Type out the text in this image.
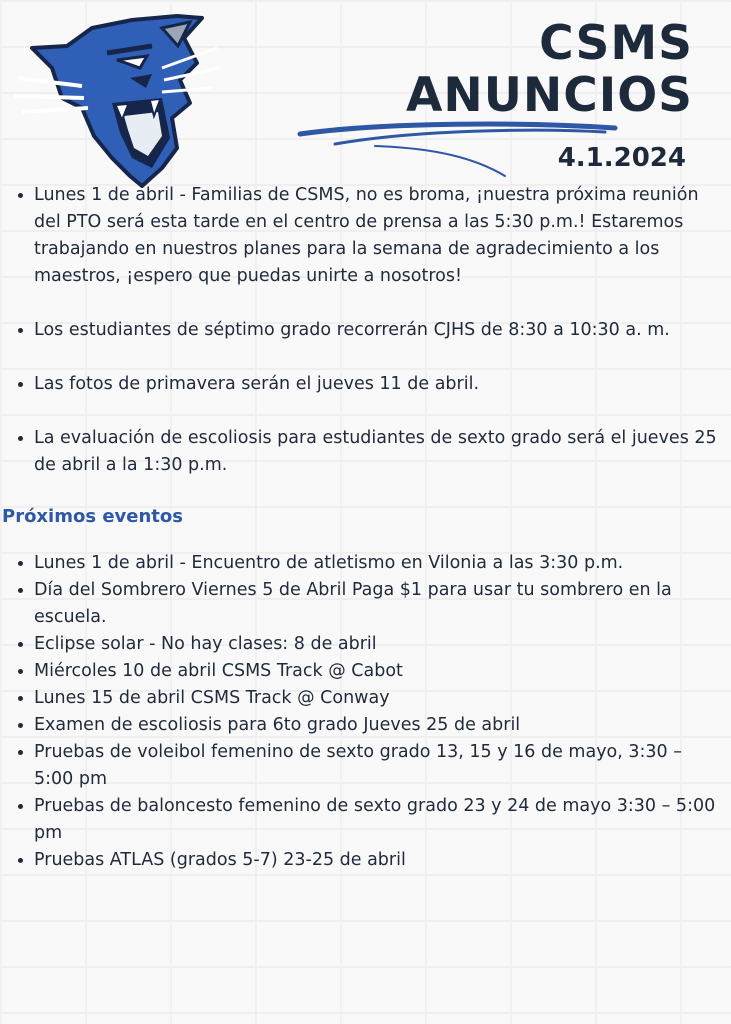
CSMS
ANUNCIOS
4.1.2024
• Lunes 1 de abril - Familias de CSMS, no es broma, ¡nuestra próxima reunión del PTO será esta tarde en el centro de prensa a las 5:30 p.m.! Estaremos trabajando en nuestros planes para la semana de agradecimiento a los maestros, ¡espero que puedas unirte a nosotros!
• Los estudiantes de séptimo grado recorrerán CJHS de 8:30 a 10:30 a. m.
• Las fotos de primavera serán el jueves 11 de abril.
• La evaluación de escoliosis para estudiantes de sexto grado será el jueves 25 de abril a la 1:30 p.m.
Próximos eventos
• Lunes 1 de abril - Encuentro de atletismo en Vilonia a las 3:30 p.m.
• Día del Sombrero Viernes 5 de Abril Paga $1 para usar tu sombrero en la escuela.
• Eclipse solar - No hay clases: 8 de abril
• Miércoles 10 de abril CSMS Track @ Cabot
• Lunes 15 de abril CSMS Track @ Conway
• Examen de escoliosis para 6to grado Jueves 25 de abril
• Pruebas de voleibol femenino de sexto grado 13, 15 y 16 de mayo, 3:30 – 5:00 pm
• Pruebas de baloncesto femenino de sexto grado 23 y 24 de mayo 3:30 – 5:00 pm
• Pruebas ATLAS (grados 5-7) 23-25 de abril
